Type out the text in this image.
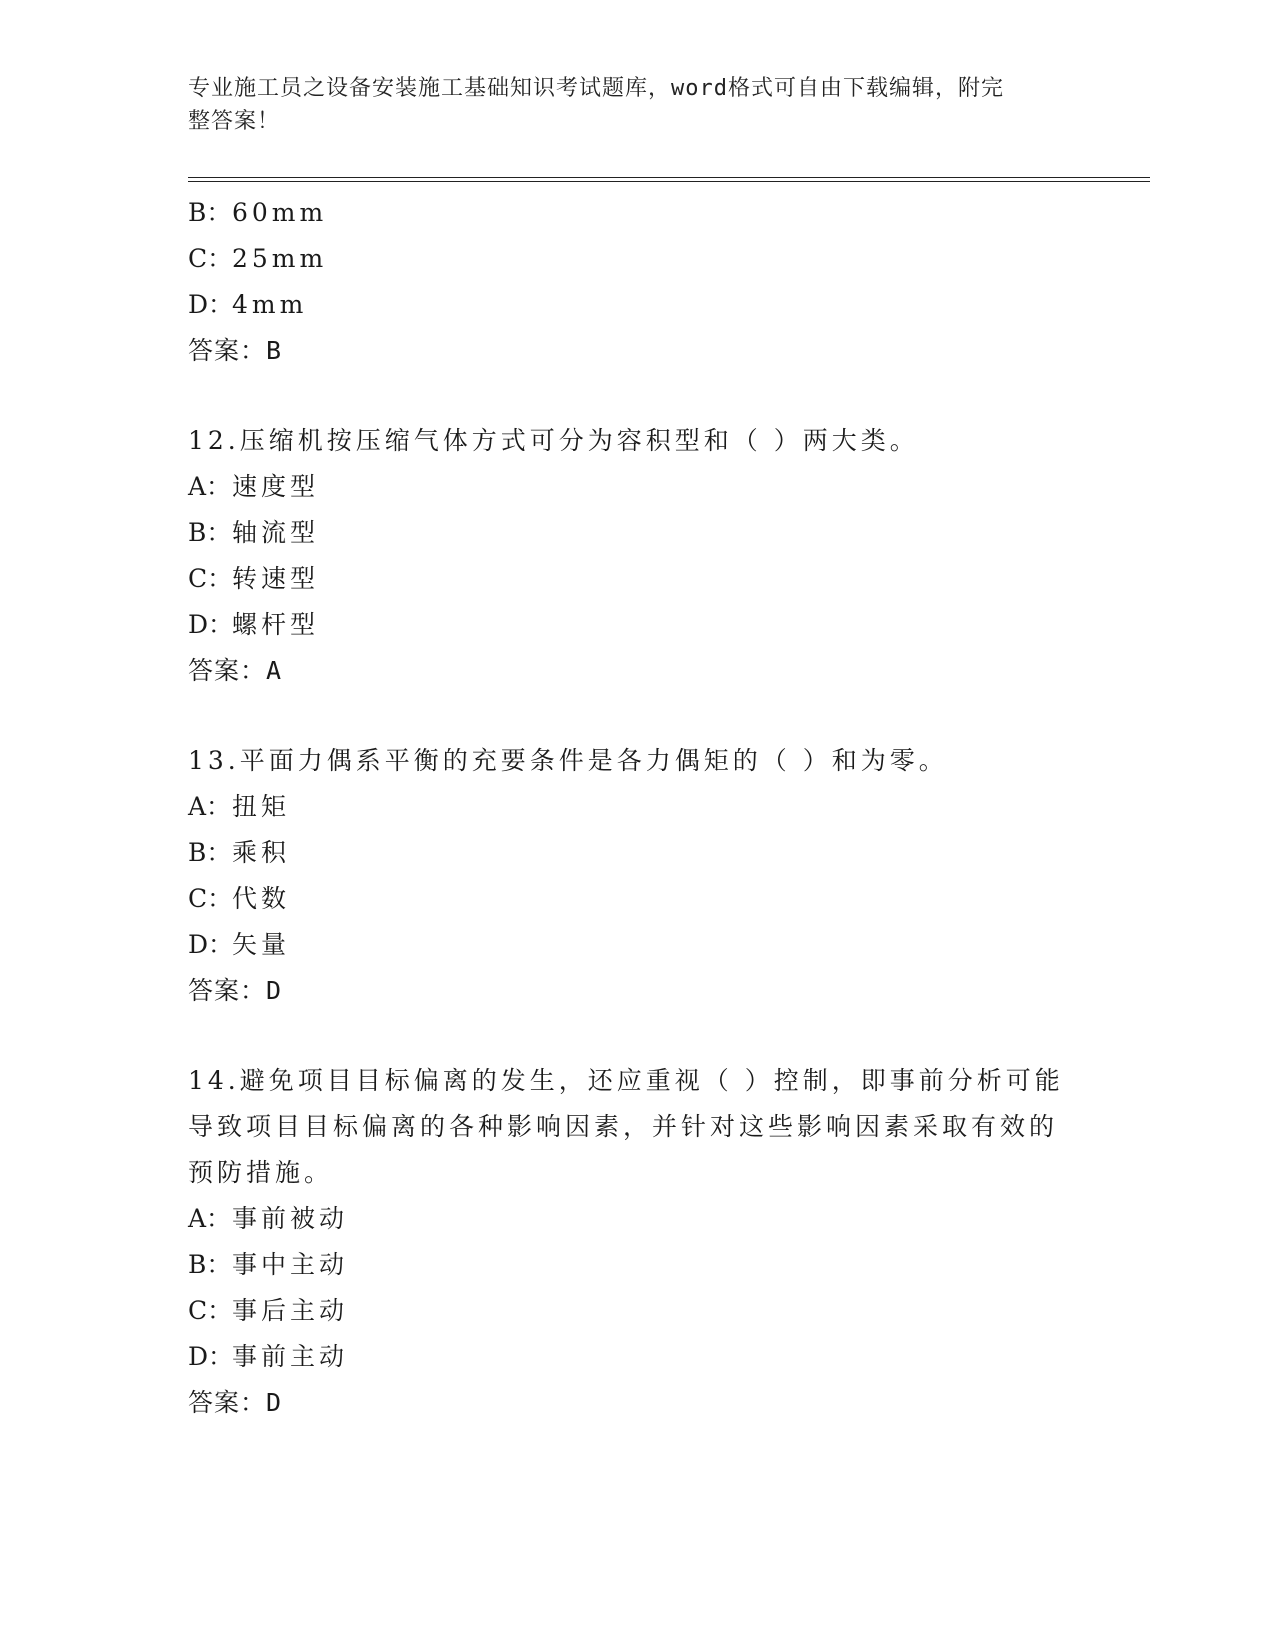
专业施工员之设备安装施工基础知识考试题库，word格式可自由下载编辑，附完
整答案！
B：60mm
C：25mm
D：4mm
答案：B
12.压缩机按压缩气体方式可分为容积型和（ ）两大类。
A：速度型
B：轴流型
C：转速型
D：螺杆型
答案：A
13.平面力偶系平衡的充要条件是各力偶矩的（ ）和为零。
A：扭矩
B：乘积
C：代数
D：矢量
答案：D
14.避免项目目标偏离的发生，还应重视（ ）控制，即事前分析可能
导致项目目标偏离的各种影响因素，并针对这些影响因素采取有效的
预防措施。
A：事前被动
B：事中主动
C：事后主动
D：事前主动
答案：D
